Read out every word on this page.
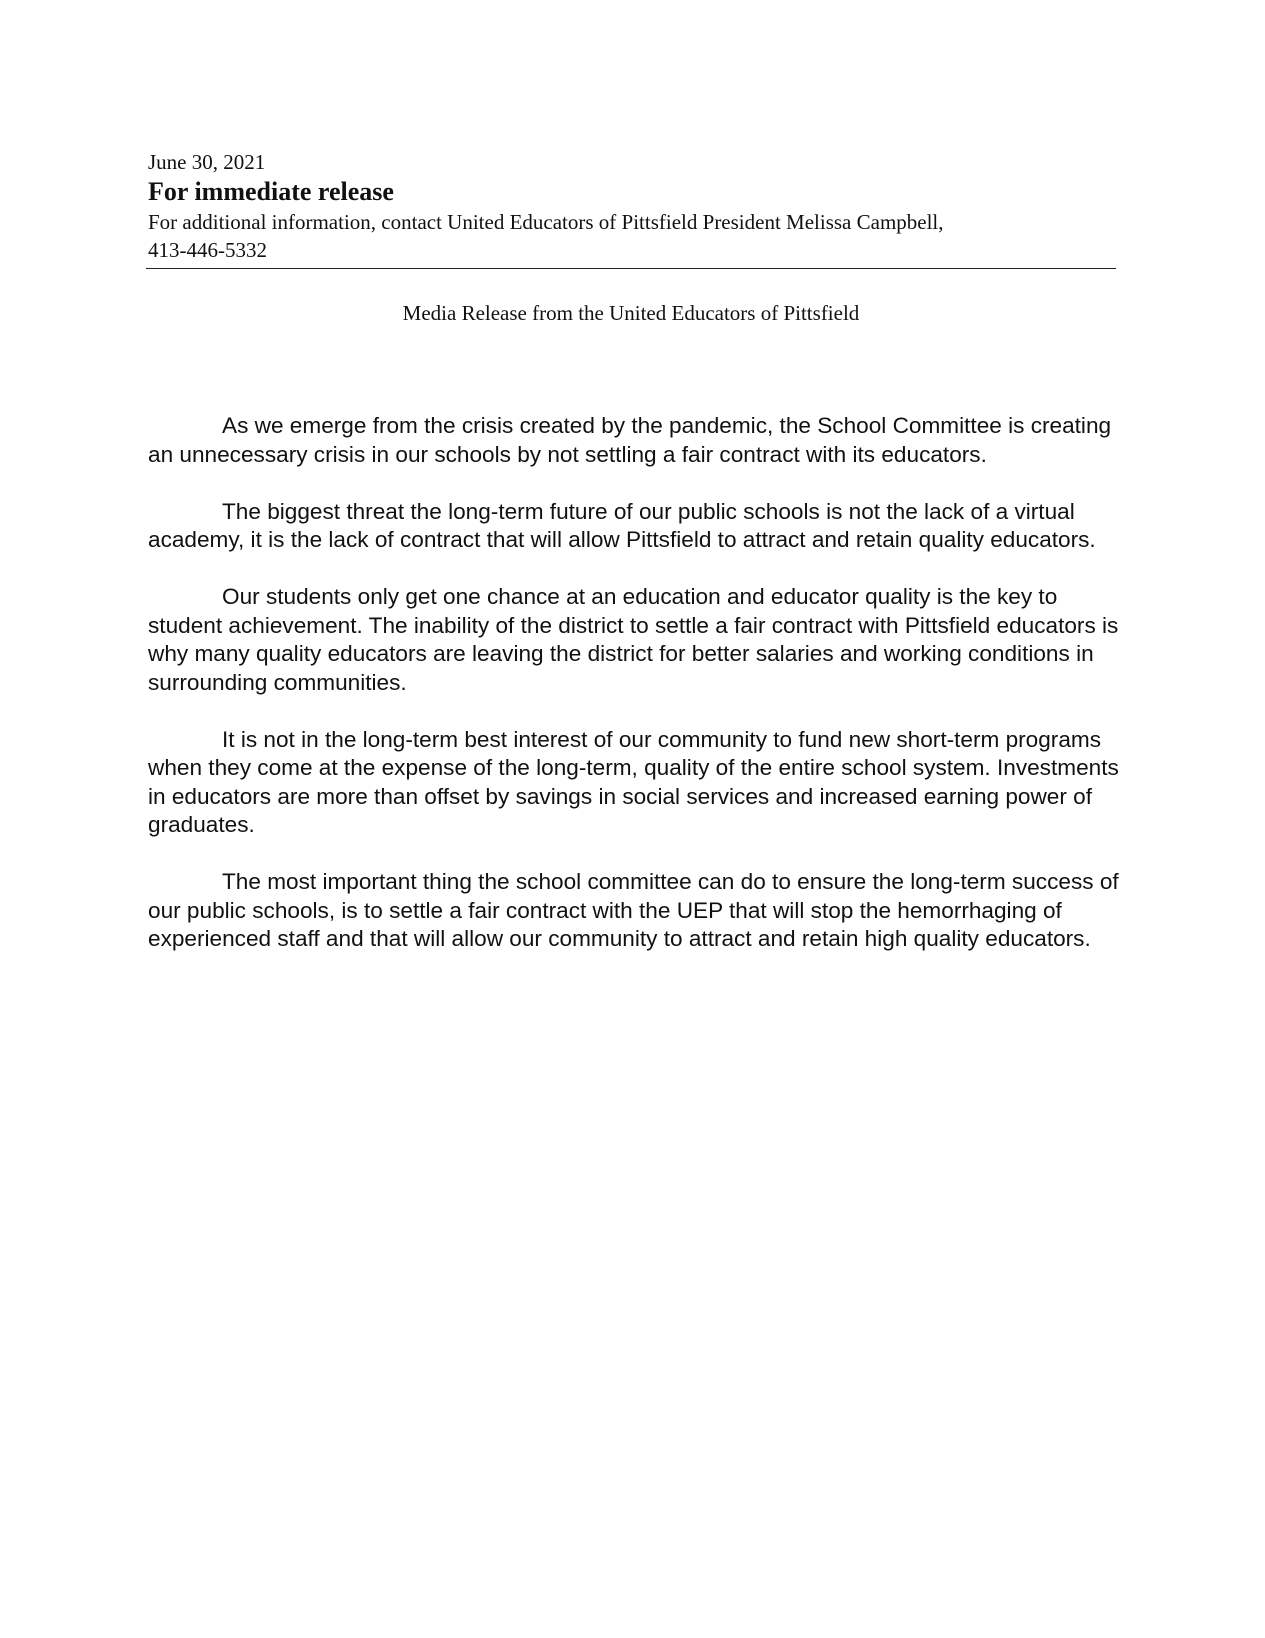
June 30, 2021
For immediate release
For additional information, contact United Educators of Pittsfield President Melissa Campbell,
413-446-5332
Media Release from the United Educators of Pittsfield

As we emerge from the crisis created by the pandemic, the School Committee is creating an unnecessary crisis in our schools by not settling a fair contract with its educators.

The biggest threat the long-term future of our public schools is not the lack of a virtual academy, it is the lack of contract that will allow Pittsfield to attract and retain quality educators.

Our students only get one chance at an education and educator quality is the key to student achievement. The inability of the district to settle a fair contract with Pittsfield educators is why many quality educators are leaving the district for better salaries and working conditions in surrounding communities.

It is not in the long-term best interest of our community to fund new short-term programs when they come at the expense of the long-term, quality of the entire school system. Investments in educators are more than offset by savings in social services and increased earning power of graduates.

The most important thing the school committee can do to ensure the long-term success of our public schools, is to settle a fair contract with the UEP that will stop the hemorrhaging of experienced staff and that will allow our community to attract and retain high quality educators.
